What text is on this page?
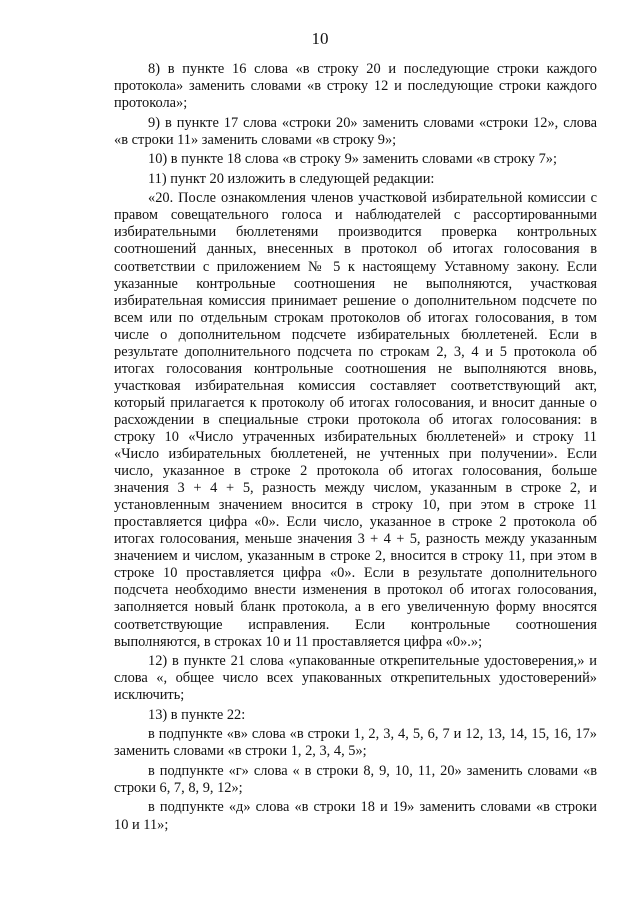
10

8) в пункте 16 слова «в строку 20 и последующие строки каждого протокола» заменить словами «в строку 12 и последующие строки каждого протокола»;

9) в пункте 17 слова «строки 20» заменить словами «строки 12», слова «в строки 11» заменить словами «в строку 9»;

10) в пункте 18 слова «в строку 9» заменить словами «в строку 7»;

11) пункт 20 изложить в следующей редакции:

«20. После ознакомления членов участковой избирательной комиссии с правом совещательного голоса и наблюдателей с рассортированными избирательными бюллетенями производится проверка контрольных соотношений данных, внесенных в протокол об итогах голосования в соответствии с приложением № 5 к настоящему Уставному закону. Если указанные контрольные соотношения не выполняются, участковая избирательная комиссия принимает решение о дополнительном подсчете по всем или по отдельным строкам протоколов об итогах голосования, в том числе о дополнительном подсчете избирательных бюллетеней. Если в результате дополнительного подсчета по строкам 2, 3, 4 и 5 протокола об итогах голосования контрольные соотношения не выполняются вновь, участковая избирательная комиссия составляет соответствующий акт, который прилагается к протоколу об итогах голосования, и вносит данные о расхождении в специальные строки протокола об итогах голосования: в строку 10 «Число утраченных избирательных бюллетеней» и строку 11 «Число избирательных бюллетеней, не учтенных при получении». Если число, указанное в строке 2 протокола об итогах голосования, больше значения 3 + 4 + 5, разность между числом, указанным в строке 2, и установленным значением вносится в строку 10, при этом в строке 11 проставляется цифра «0». Если число, указанное в строке 2 протокола об итогах голосования, меньше значения 3 + 4 + 5, разность между указанным значением и числом, указанным в строке 2, вносится в строку 11, при этом в строке 10 проставляется цифра «0». Если в результате дополнительного подсчета необходимо внести изменения в протокол об итогах голосования, заполняется новый бланк протокола, а в его увеличенную форму вносятся соответствующие исправления. Если контрольные соотношения выполняются, в строках 10 и 11 проставляется цифра «0».»;

12) в пункте 21 слова «упакованные открепительные удостоверения,» и слова «, общее число всех упакованных открепительных удостоверений» исключить;

13) в пункте 22:

в подпункте «в» слова «в строки 1, 2, 3, 4, 5, 6, 7 и 12, 13, 14, 15, 16, 17» заменить словами «в строки 1, 2, 3, 4, 5»;

в подпункте «г» слова « в строки 8, 9, 10, 11, 20» заменить словами «в строки 6, 7, 8, 9, 12»;

в подпункте «д» слова «в строки 18 и 19» заменить словами «в строки 10 и 11»;
